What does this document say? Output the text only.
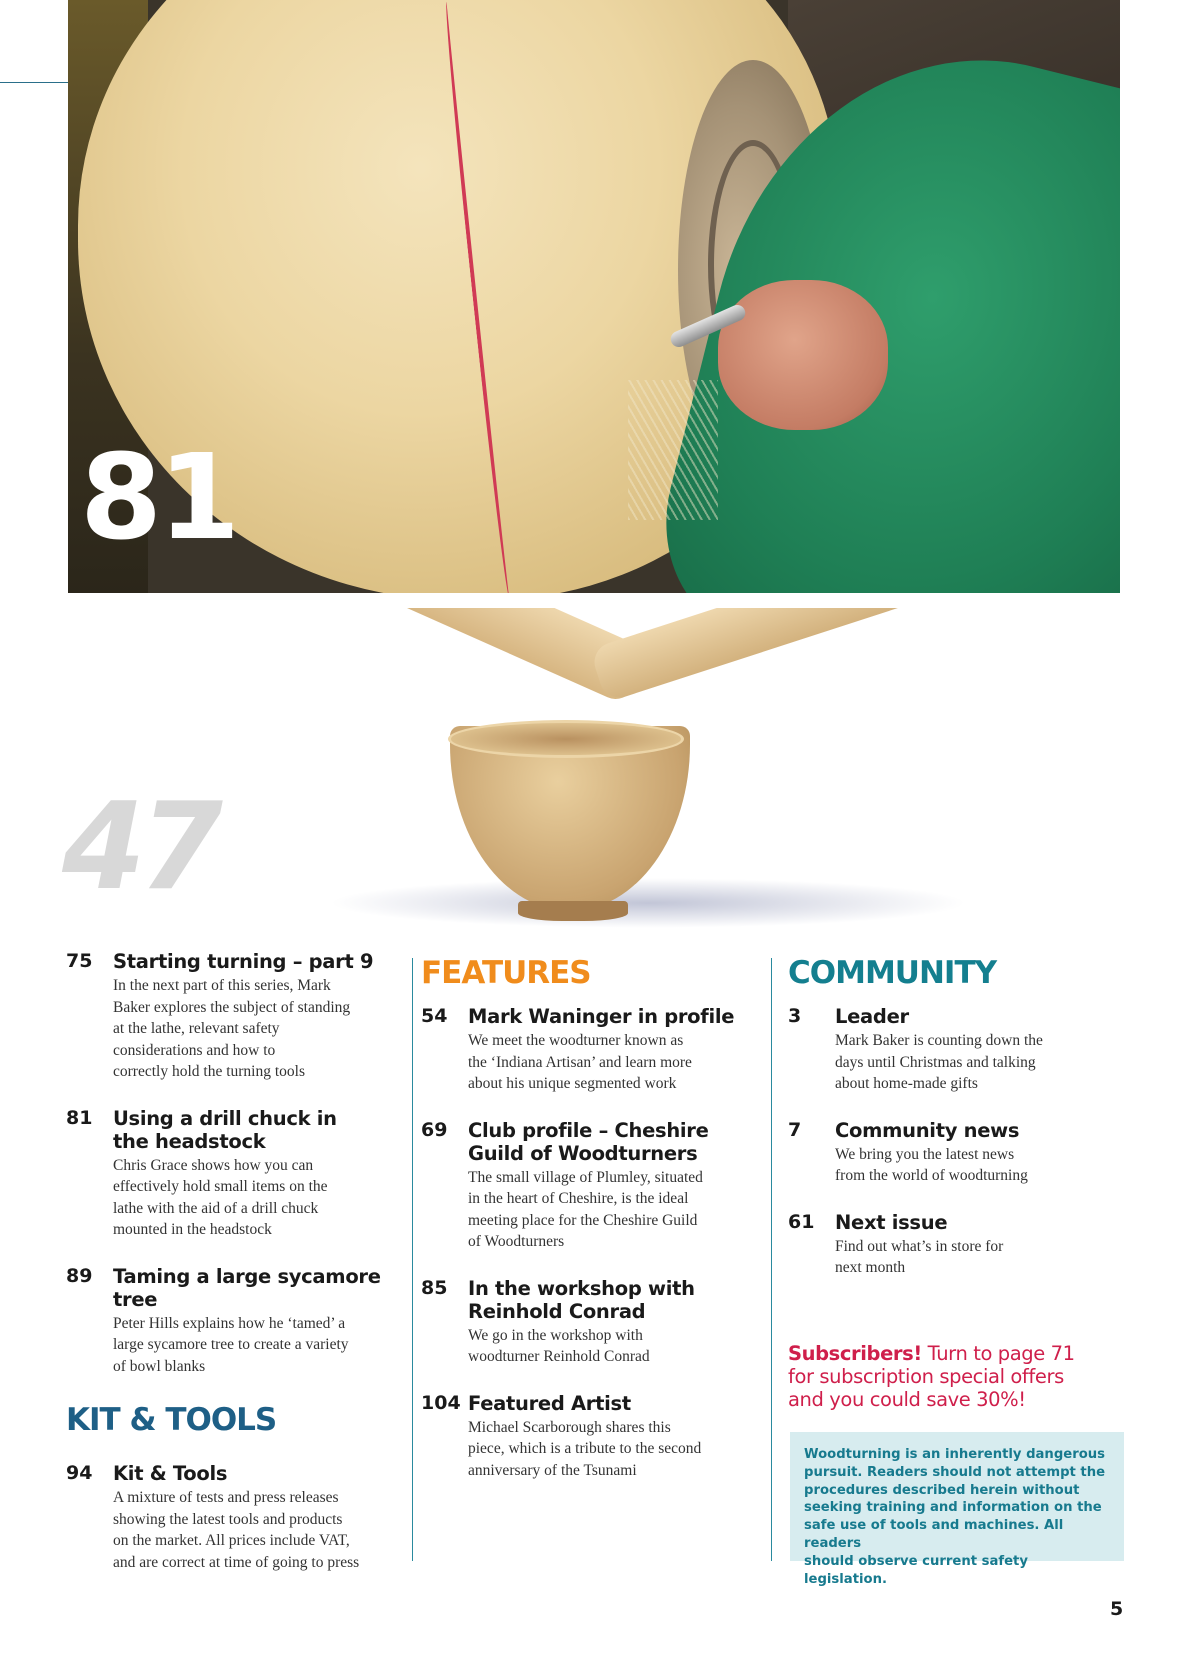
81
47
75	Starting turning – part 9
In the next part of this series, Mark
Baker explores the subject of standing
at the lathe, relevant safety
considerations and how to
correctly hold the turning tools
81	Using a drill chuck in
the headstock
Chris Grace shows how you can
effectively hold small items on the
lathe with the aid of a drill chuck
mounted in the headstock
89	Taming a large sycamore tree
Peter Hills explains how he ‘tamed’ a
large sycamore tree to create a variety
of bowl blanks
KIT & TOOLS
94	Kit & Tools
A mixture of tests and press releases
showing the latest tools and products
on the market. All prices include VAT,
and are correct at time of going to press
FEATURES
54	Mark Waninger in profile
We meet the woodturner known as
the ‘Indiana Artisan’ and learn more
about his unique segmented work
69	Club profile – Cheshire
Guild of Woodturners
The small village of Plumley, situated
in the heart of Cheshire, is the ideal
meeting place for the Cheshire Guild
of Woodturners
85	In the workshop with
Reinhold Conrad
We go in the workshop with
woodturner Reinhold Conrad
104 Featured Artist
Michael Scarborough shares this
piece, which is a tribute to the second
anniversary of the Tsunami
COMMUNITY
3	Leader
Mark Baker is counting down the
days until Christmas and talking
about home-made gifts
7	Community news
We bring you the latest news
from the world of woodturning
61	Next issue
Find out what’s in store for
next month
Subscribers! Turn to page 71
for subscription special offers
and you could save 30%!
Woodturning is an inherently dangerous
pursuit. Readers should not attempt the
procedures described herein without
seeking training and information on the
safe use of tools and machines. All readers
should observe current safety legislation.
5
